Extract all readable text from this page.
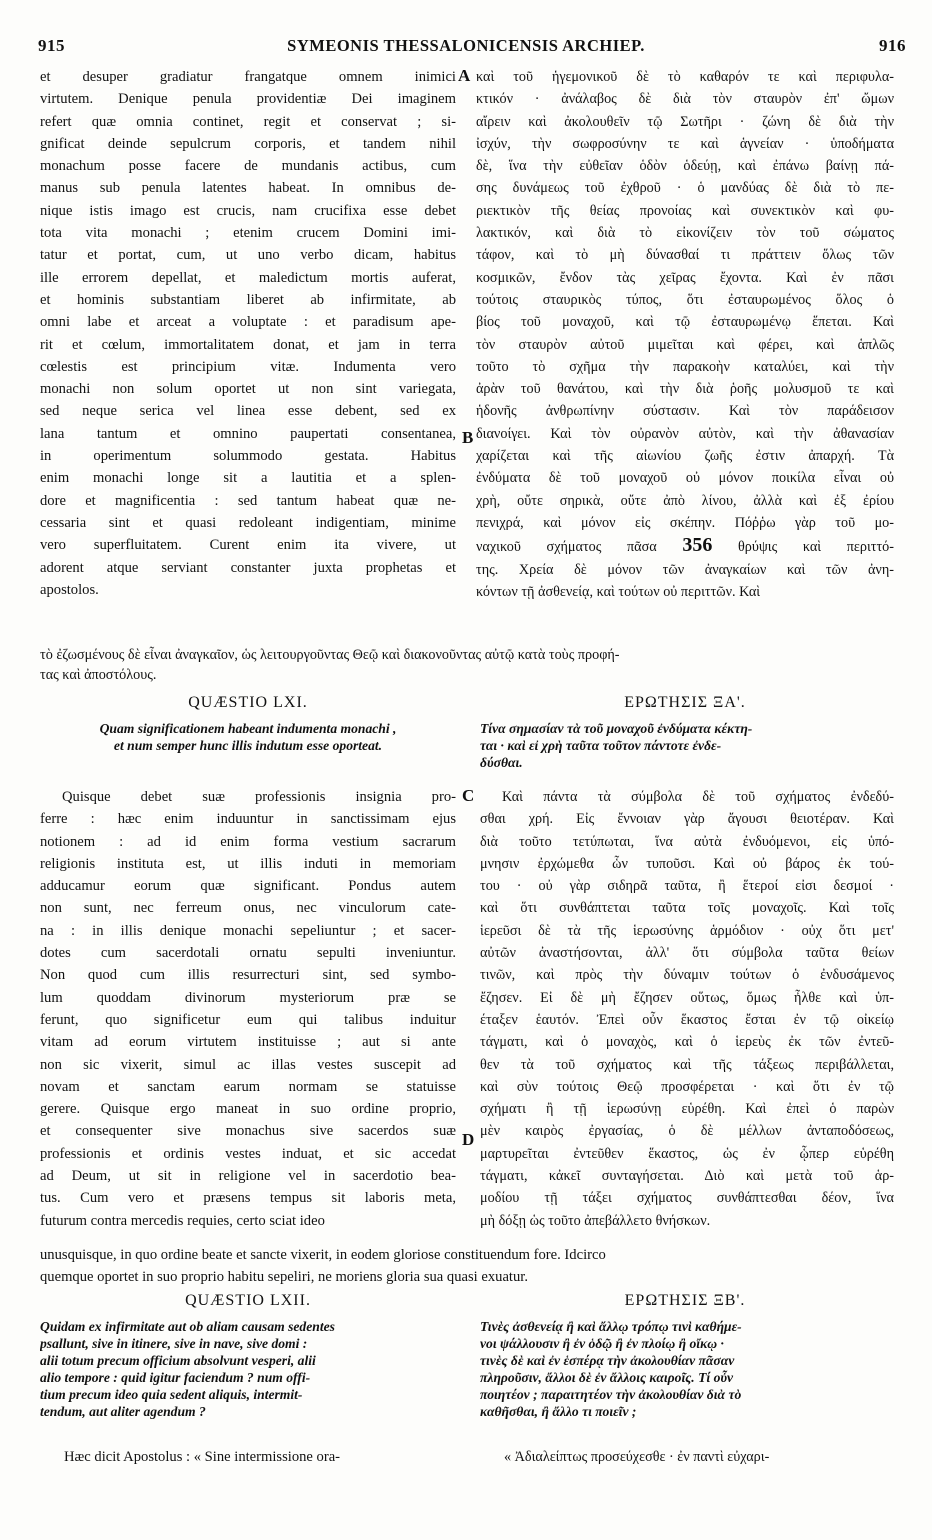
915	SYMEONIS THESSALONICENSIS ARCHIEP.	916
et desuper gradiatur frangatque omnem inimici
virtutem. Denique penula providentiæ Dei imaginem
refert quæ omnia continet, regit et conservat ; si-
gnificat deinde sepulcrum corporis, et tandem nihil
monachum posse facere de mundanis actibus, cum
manus sub penula latentes habeat. In omnibus de-
nique istis imago est crucis, nam crucifixa esse debet
tota vita monachi ; etenim crucem Domini imi-
tatur et portat, cum, ut uno verbo dicam, habitus
ille errorem depellat, et maledictum mortis auferat,
et hominis substantiam liberet ab infirmitate, ab
omni labe et arceat a voluptate : et paradisum ape-
rit et cœlum, immortalitatem donat, et jam in terra
cœlestis est principium vitæ. Indumenta vero
monachi non solum oportet ut non sint variegata,
sed neque serica vel linea esse debent, sed ex
lana tantum et omnino paupertati consentanea,
in operimentum solummodo gestata. Habitus
enim monachi longe sit a lautitia et a splen-
dore et magnificentia : sed tantum habeat quæ ne-
cessaria sint et quasi redoleant indigentiam, minime
vero superfluitatem. Curent enim ita vivere, ut
adorent atque serviant constanter juxta prophetas et
apostolos.
καὶ τοῦ ἡγεμονικοῦ δὲ τὸ καθαρόν τε καὶ περιφυλα-
κτικόν · ἀνάλαβος δὲ διὰ τὸν σταυρὸν ἐπ' ὤμων
αἴρειν καὶ ἀκολουθεῖν τῷ Σωτῆρι · ζώνη δὲ διὰ τὴν
ἰσχύν, τὴν σωφροσύνην τε καὶ ἁγνείαν · ὑποδήματα
δὲ, ἵνα τὴν εὐθεῖαν ὁδὸν ὁδεύῃ, καὶ ἐπάνω βαίνῃ πά-
σης δυνάμεως τοῦ ἐχθροῦ · ὁ μανδύας δὲ διὰ τὸ πε-
ριεκτικὸν τῆς θείας προνοίας καὶ συνεκτικὸν καὶ φυ-
λακτικόν, καὶ διὰ τὸ εἰκονίζειν τὸν τοῦ σώματος
τάφον, καὶ τὸ μὴ δύνασθαί τι πράττειν ὅλως τῶν
κοσμικῶν, ἔνδον τὰς χεῖρας ἔχοντα. Καὶ ἐν πᾶσι
τούτοις σταυρικὸς τύπος, ὅτι ἐσταυρωμένος ὅλος ὁ
βίος τοῦ μοναχοῦ, καὶ τῷ ἐσταυρωμένῳ ἕπεται. Καὶ
τὸν σταυρὸν αὐτοῦ μιμεῖται καὶ φέρει, καὶ ἁπλῶς
τοῦτο τὸ σχῆμα τὴν παρακοὴν καταλύει, καὶ τὴν
ἀρὰν τοῦ θανάτου, καὶ τὴν διὰ ῥοῆς μολυσμοῦ τε καὶ
ἡδονῆς ἀνθρωπίνην σύστασιν. Καὶ τὸν παράδεισον
διανοίγει. Καὶ τὸν οὐρανὸν αὐτὸν, καὶ τὴν ἀθανασίαν
χαρίζεται καὶ τῆς αἰωνίου ζωῆς ἐστιν ἀπαρχή. Τὰ
ἐνδύματα δὲ τοῦ μοναχοῦ οὐ μόνον ποικίλα εἶναι οὐ
χρὴ, οὔτε σηρικὰ, οὔτε ἀπὸ λίνου, ἀλλὰ καὶ ἐξ ἐρίου
πενιχρά, καὶ μόνον εἰς σκέπην. Πόῤῥω γὰρ τοῦ μο-
ναχικοῦ σχήματος πᾶσα 356 θρύψις καὶ περιττό-
της. Χρεία δὲ μόνον τῶν ἀναγκαίων καὶ τῶν ἀνη-
κόντων τῇ ἀσθενείᾳ, καὶ τούτων οὐ περιττῶν. Καὶ
A
B
C
D
τὸ ἐζωσμένους δὲ εἶναι ἀναγκαῖον, ὡς λειτουργοῦντας Θεῷ καὶ διακονοῦντας αὐτῷ κατὰ τοὺς προφή-
τας καὶ ἀποστόλους.
QUÆSTIO LXI.	ΕΡΩΤΗΣΙΣ ΞΑ'.
Quam significationem habeant indumenta monachi ,
et num semper hunc illis indutum esse oporteat.
Τίνα σημασίαν τὰ τοῦ μοναχοῦ ἐνδύματα κέκτη-
ται · καὶ εἰ χρὴ ταῦτα τοῦτον πάντοτε ἐνδε-
δύσθαι.
Quisque debet suæ professionis insignia pro-
ferre : hæc enim induuntur in sanctissimam ejus
notionem : ad id enim forma vestium sacrarum
religionis instituta est, ut illis induti in memoriam
adducamur eorum quæ significant. Pondus autem
non sunt, nec ferreum onus, nec vinculorum cate-
na : in illis denique monachi sepeliuntur ; et sacer-
dotes cum sacerdotali ornatu sepulti inveniuntur.
Non quod cum illis resurrecturi sint, sed symbo-
lum quoddam divinorum mysteriorum præ se
ferunt, quo significetur eum qui talibus induitur
vitam ad eorum virtutem instituisse ; aut si ante
non sic vixerit, simul ac illas vestes suscepit ad
novam et sanctam earum normam se statuisse
gerere. Quisque ergo maneat in suo ordine proprio,
et consequenter sive monachus sive sacerdos suæ
professionis et ordinis vestes induat, et sic accedat
ad Deum, ut sit in religione vel in sacerdotio bea-
tus. Cum vero et præsens tempus sit laboris meta,
futurum contra mercedis requies, certo sciat ideo
Καὶ πάντα τὰ σύμβολα δὲ τοῦ σχήματος ἐνδεδύ-
σθαι χρή. Εἰς ἔννοιαν γὰρ ἄγουσι θειοτέραν. Καὶ
διὰ τοῦτο τετύπωται, ἵνα αὐτὰ ἐνδυόμενοι, εἰς ὑπό-
μνησιν ἐρχώμεθα ὧν τυποῦσι. Καὶ οὐ βάρος ἐκ τού-
του · οὐ γὰρ σιδηρᾶ ταῦτα, ἢ ἕτεροί εἰσι δεσμοί ·
καὶ ὅτι συνθάπτεται ταῦτα τοῖς μοναχοῖς. Καὶ τοῖς
ἱερεῦσι δὲ τὰ τῆς ἱερωσύνης ἁρμόδιον · οὐχ ὅτι μετ'
αὐτῶν ἀναστήσονται, ἀλλ' ὅτι σύμβολα ταῦτα θείων
τινῶν, καὶ πρὸς τὴν δύναμιν τούτων ὁ ἐνδυσάμενος
ἔζησεν. Εἰ δὲ μὴ ἔζησεν οὕτως, ὅμως ἦλθε καὶ ὑπ-
έταξεν ἑαυτόν. Ἐπεὶ οὖν ἕκαστος ἔσται ἐν τῷ οἰκείῳ
τάγματι, καὶ ὁ μοναχὸς, καὶ ὁ ἱερεὺς ἐκ τῶν ἐντεῦ-
θεν τὰ τοῦ σχήματος καὶ τῆς τάξεως περιβάλλεται,
καὶ σὺν τούτοις Θεῷ προσφέρεται · καὶ ὅτι ἐν τῷ
σχήματι ἢ τῇ ἱερωσύνῃ εὑρέθη. Καὶ ἐπεὶ ὁ παρὼν
μὲν καιρὸς ἐργασίας, ὁ δὲ μέλλων ἀνταποδόσεως,
μαρτυρεῖται ἐντεῦθεν ἕκαστος, ὡς ἐν ᾧπερ εὑρέθη
τάγματι, κἀκεῖ συνταγήσεται. Διὸ καὶ μετὰ τοῦ ἁρ-
μοδίου τῇ τάξει σχήματος συνθάπτεσθαι δέον, ἵνα
μὴ δόξῃ ὡς τοῦτο ἀπεβάλλετο θνήσκων.
unusquisque, in quo ordine beate et sancte vixerit, in eodem gloriose constituendum fore. Idcirco
quemque oportet in suo proprio habitu sepeliri, ne moriens gloria sua quasi exuatur.
QUÆSTIO LXII.	ΕΡΩΤΗΣΙΣ ΞΒ'.
Quidam ex infirmitate aut ob aliam causam sedentes
psallunt, sive in itinere, sive in nave, sive domi :
alii totum precum officium absolvunt vesperi, alii
alio tempore : quid igitur faciendum ? num offi-
tium precum ideo quia sedent aliquis, intermit-
tendum, aut aliter agendum ?
Τινὲς ἀσθενείᾳ ἢ καὶ ἄλλῳ τρόπῳ τινὶ καθήμε-
νοι ψάλλουσιν ἢ ἐν ὁδῷ ἢ ἐν πλοίῳ ἢ οἴκῳ ·
τινὲς δὲ καὶ ἐν ἑσπέρᾳ τὴν ἀκολουθίαν πᾶσαν
πληροῦσιν, ἄλλοι δὲ ἐν ἄλλοις καιροῖς. Τί οὖν
ποιητέον ; παραιτητέον τὴν ἀκολουθίαν διὰ τὸ
καθῆσθαι, ἢ ἄλλο τι ποιεῖν ;
Hæc dicit Apostolus : « Sine intermissione ora-	« Ἀδιαλείπτως προσεύχεσθε · ἐν παντὶ εὐχαρι-
